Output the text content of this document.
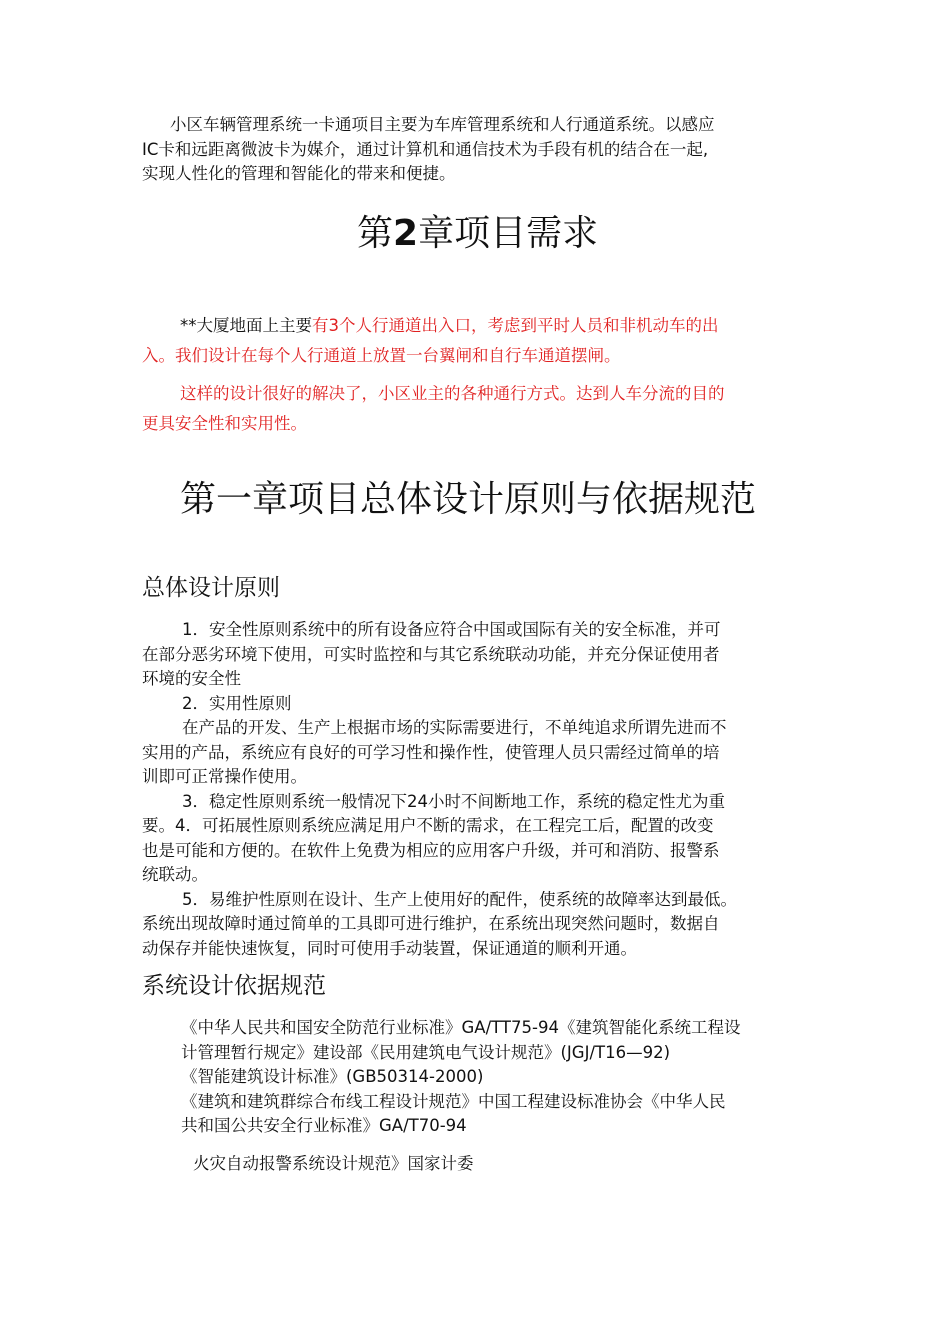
小区车辆管理系统一卡通项目主要为车库管理系统和人行通道系统。以感应
IC卡和远距离微波卡为媒介，通过计算机和通信技术为手段有机的结合在一起,
实现人性化的管理和智能化的带来和便捷。
第2章项目需求
**大厦地面上主要有3个人行通道出入口，考虑到平时人员和非机动车的出
入。我们设计在每个人行通道上放置一台翼闸和自行车通道摆闸。
这样的设计很好的解决了，小区业主的各种通行方式。达到人车分流的目的
更具安全性和实用性。
第一章项目总体设计原则与依据规范
总体设计原则
1．安全性原则系统中的所有设备应符合中国或国际有关的安全标准，并可
在部分恶劣环境下使用，可实时监控和与其它系统联动功能，并充分保证使用者
环境的安全性
2．实用性原则
在产品的开发、生产上根据市场的实际需要进行，不单纯追求所谓先进而不
实用的产品，系统应有良好的可学习性和操作性，使管理人员只需经过简单的培
训即可正常操作使用。
3．稳定性原则系统一般情况下24小时不间断地工作，系统的稳定性尤为重
要。4．可拓展性原则系统应满足用户不断的需求，在工程完工后，配置的改变
也是可能和方便的。在软件上免费为相应的应用客户升级，并可和消防、报警系
统联动。
5．易维护性原则在设计、生产上使用好的配件，使系统的故障率达到最低。
系统出现故障时通过简单的工具即可进行维护，在系统出现突然问题时，数据自
动保存并能快速恢复，同时可使用手动装置，保证通道的顺利开通。
系统设计依据规范
《中华人民共和国安全防范行业标准》GA/TT75-94《建筑智能化系统工程设
计管理暂行规定》建设部《民用建筑电气设计规范》(JGJ/T16—92)
《智能建筑设计标准》(GB50314-2000)
《建筑和建筑群综合布线工程设计规范》中国工程建设标准协会《中华人民
共和国公共安全行业标准》GA/T70-94
火灾自动报警系统设计规范》国家计委
